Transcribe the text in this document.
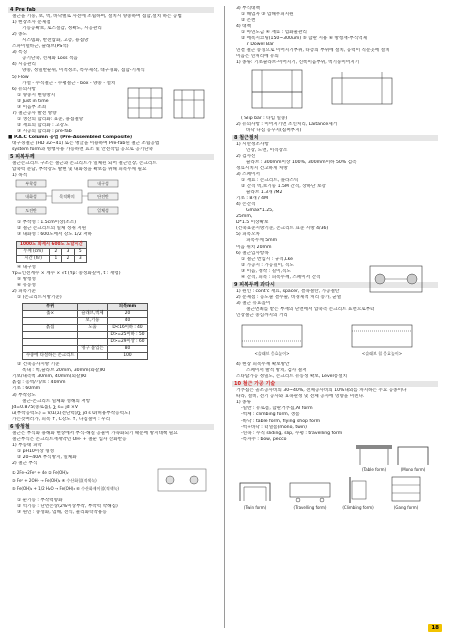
4 Pre fab
철근을 기둥, 보, 벽, 바닥별로 사전에 조립하여, 설치시 양중하여 접합,설치 하는 공법
1) 현장조사 문제점
기능공확보, 로스절감, 정확도, 시공관리
2) 종도
시스템화, 반전압화, 고층, 용접망
스파이럴바근, 슬래브(PS석)
3) 특징
공기단축, 선제화 Loss 적음
4) 시공관리
양중, 정밀반순위, 이적정소, 특수제작, 대구경화, 접합-기계식
5) Flow
가설 - 수직철근 - 수평철근 - box - 양중 - 설치
6) 유의사항
① 양중시 변형방지
② Just in time
③ 이음부 조쇠
7) 철근공사 발전 방향
① 생산의 합리화: 표준, 용접철망
② 재료의 합리화 : 고강도
③ 시공의 합리화 : pre-fab
■ P.A.C Column 공법 (Pre-Assembled Composite)
대구경철근 (HD 32~41) 또는 앵글을 이용하여 Pre-fab된 철근 조립공법
system form과 병행사용 가능하면 효소 및 안전작업 공으로 공기단축
5 피복두께
철근콘크리트 구조는 철근과 콘크리트가 일체된 되어 철근인장, 콘크리트
압축력 분담, 부착강도 발현 및 내화성을 확보를 위해 피복두께 필요
1) 목적
부착성	내구성
내화성	목적확의	단전반
도전반	일체성
① 부착성 : 1.5cm이상(조소)
② 철근 콘크리트의 일체 성취 지원
③ 내화성 : 600도에서 강도 1/2 저하
1000도 화재시 600도 도달시간			
두께 (cm)	2	3	5
시간 (hr)	1	2	3
④ 내구성
Yp=인전계수 × 계수 × √t (Yp: 중성화깊이, t : 재령)
⑤ 방청성
⑥ 유동성
2) 피복기준
① (콘크리트시방기준)
부위		피복mm
흙×	슬래브,벽체	20
	보,기둥	40
흙접	노출	D<16이하 : 40
		D>=25이하 : 50
		D>=29이상 : 60
	영구 불입는	80
수중에 타설하는 콘크리트		100
② 건축공사시방 기준
옥내 : 벽,슬라브 20mm, 30mm(와갈)KI
기보/내측벽 30mm, 40mm(외갈)KI
흙접 : 옹벽/기/보 : 40mm
기초 : 60mm
3) 부착강도
철근-콘크리트 일체화 성해의 저항
Jd=0.875(중로롤), ∑ s= jd ×V
u(부착응력도) = V/Σ(Σ(전단력)/∑ jd s U(허용부착응력도)
가는것여러가, 피복 ↑, C강도 ↑, 다짐철이 : 우리
6 방청철
철근은 부식화 용해화 현상에서 부식-해질 공물이 가속화되기 때문에 방지대책 필요
철근부식은 콘크리트재재약년 OH- + 철순 입자 산화반응
1) 부동태 피막
① pH10이상 형성
② 20~40A 부식방지, 일체화
2) 철근 부식
① 2Fe→2Fe² + 4e ② Fe(OH)₂
③ Fe² + 2OH- → Fe(OH)₂ ④ 수산화철(적색녹)
⑤ Fe(OH)₂ + 1/2 H₂O → Fe(OH)₃ ⑥ 수산화제이철(적색녹)
① 순기능 : 부작력향화
② 역기능 : 단면손상(2%이상부착, 부착력 약해짐)
③ 원인 : 중성화, 염해, 전식, 물리화학작용등
3) 부식대책
① 해염자 ③ 염해무피지원
② 온천
4) 대책
① 아연도금 ④ 재료 : 염화물관리
② 에폭시코팅(150~300um) ⑤ 합판 시용 ⑥ 방청재-부식억제
7 Dowel Bar
연결 철근 증징으로 이어지기부위, 타층의 부위에 설치, 응력이 직문곳에 설치
이음은 연처리에 유의
1) 종류: 기초슬라브-이어지기, 신쪽이음부위, 벽기둥이어지기
( Slip bar : 타임 일중)
2) 유의사항 : 이어지기면 조인처리, Laitance제거
바닥 다짐 응꾸지(집쩌부지)
8 철근절치
1) 시만정조사항
인장, 도면, 이격장소
2) 검사신
슬라브 : 300mm이상 100%, 300mm이하 50% 검측
정료시치지 건고하게 처방
3) 스페이서
① 재료 : 콘크리트, 플라스틱
② 간격 벽,보기둥 1.5M 간격, 상하단 보강
슬라브 1.3개 /M2
기초 : 8개 / 4M
4) 손간격
Gmax*1.25,
25mm,
D*1.5 이상확보
(건축표준시방기준, 콘크리트 표준 시방 4/36)
5) 피복오차
피복두께 5mm
이음 위치 20mm
6) 철근입사항목
① 철근 번입시 : 규격,Lke
② 가공시 : 가공길이, 직도
③ 이음, 정착 : 길이,직도
④ 간격, 피복 : 피복두께, 스페이서 간격
9 피복두께 과다시
1) 원인 : cont'c 재료, spacer, 결속철탄, 가공철탄
2) 문제점 : 응도줄 결수줄, 비경제적 처리 증가, 균열
3) 철근 유효높이
철근면최를 받는 부재의 단면에서 압축측 콘크리트 표면으로부터
인장철근 중심까지의 거리
<슬래브 응효높이>	<슬래브 철 응효높이>
4) 현장 피복두께 확보방안
스페이서 발적 방치, 검사 철저
스타탑가공 정밀도, 콘크리트 유동성 확보, Level봉설치
10 철근 가공 기술
거푸집은 골조공사비의 30~40%, 전체공사비의 10%내외를 차지하는 주요 공종이다
따라, 설비, 전기 공사와 효속관정 및 전체 공사에 영향을 미친다.
1) 종류
-일반 : 유로폼, 합판거푸집,AI form
-벽체 : climbing form, 갱폼
-바닥 : table form, flying shop form
-벽+바닥 : 터널폼(mono, twin)
-연속 : 수직 sliding, slip, 수평 : travelling form
-특자주 : bow, pecco
(Table form)	(Mono form)
(Twin form)	(Travelling form)	(Climbing form)	(Gang form)
18
